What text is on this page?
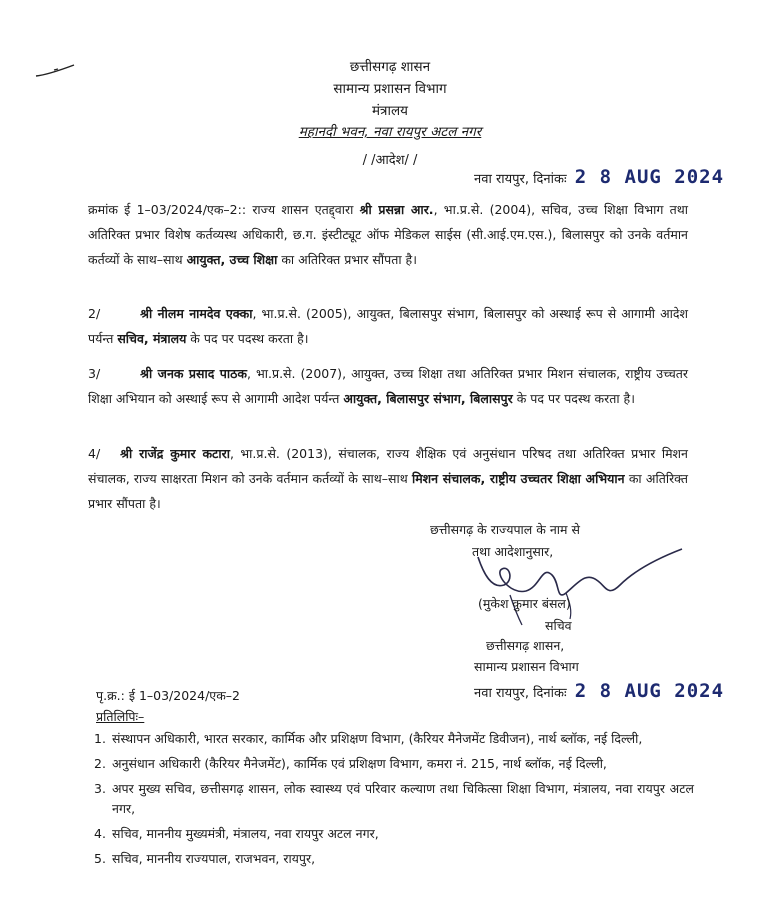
छत्तीसगढ़ शासन
सामान्य प्रशासन विभाग
मंत्रालय
महानदी भवन, नवा रायपुर अटल नगर
/ /आदेश/ /
नवा रायपुर, दिनांकः 2 8 AUG 2024
क्रमांक ई 1–03/2024/एक–2:: राज्य शासन एतद्द्वारा श्री प्रसन्ना आर., भा.प्र.से. (2004), सचिव, उच्च शिक्षा विभाग तथा अतिरिक्त प्रभार विशेष कर्तव्यस्थ अधिकारी, छ.ग. इंस्टीट्यूट ऑफ मेडिकल साईस (सी.आई.एम.एस.), बिलासपुर को उनके वर्तमान कर्तव्यों के साथ–साथ आयुक्त, उच्च शिक्षा का अतिरिक्त प्रभार सौंपता है।
2/	श्री नीलम नामदेव एक्का, भा.प्र.से. (2005), आयुक्त, बिलासपुर संभाग, बिलासपुर को अस्थाई रूप से आगामी आदेश पर्यन्त सचिव, मंत्रालय के पद पर पदस्थ करता है।
3/	श्री जनक प्रसाद पाठक, भा.प्र.से. (2007), आयुक्त, उच्च शिक्षा तथा अतिरिक्त प्रभार मिशन संचालक, राष्ट्रीय उच्चतर शिक्षा अभियान को अस्थाई रूप से आगामी आदेश पर्यन्त आयुक्त, बिलासपुर संभाग, बिलासपुर के पद पर पदस्थ करता है।
4/ श्री राजेंद्र कुमार कटारा, भा.प्र.से. (2013), संचालक, राज्य शैक्षिक एवं अनुसंधान परिषद तथा अतिरिक्त प्रभार मिशन संचालक, राज्य साक्षरता मिशन को उनके वर्तमान कर्तव्यों के साथ–साथ मिशन संचालक, राष्ट्रीय उच्चतर शिक्षा अभियान का अतिरिक्त प्रभार सौंपता है।
छत्तीसगढ़ के राज्यपाल के नाम से
तथा आदेशानुसार,
(मुकेश कुमार बंसल)
सचिव
छत्तीसगढ़ शासन,
सामान्य प्रशासन विभाग
पृ.क्र.: ई 1–03/2024/एक–2	नवा रायपुर, दिनांकः 2 8 AUG 2024
प्रतिलिपिः–
1. संस्थापन अधिकारी, भारत सरकार, कार्मिक और प्रशिक्षण विभाग, (कैरियर मैनेजमेंट डिवीजन), नार्थ ब्लॉक, नई दिल्ली,
2. अनुसंधान अधिकारी (कैरियर मैनेजमेंट), कार्मिक एवं प्रशिक्षण विभाग, कमरा नं. 215, नार्थ ब्लॉक, नई दिल्ली,
3. अपर मुख्य सचिव, छत्तीसगढ़ शासन, लोक स्वास्थ्य एवं परिवार कल्याण तथा चिकित्सा शिक्षा विभाग, मंत्रालय, नवा रायपुर अटल नगर,
4. सचिव, माननीय मुख्यमंत्री, मंत्रालय, नवा रायपुर अटल नगर,
5. सचिव, माननीय राज्यपाल, राजभवन, रायपुर,
